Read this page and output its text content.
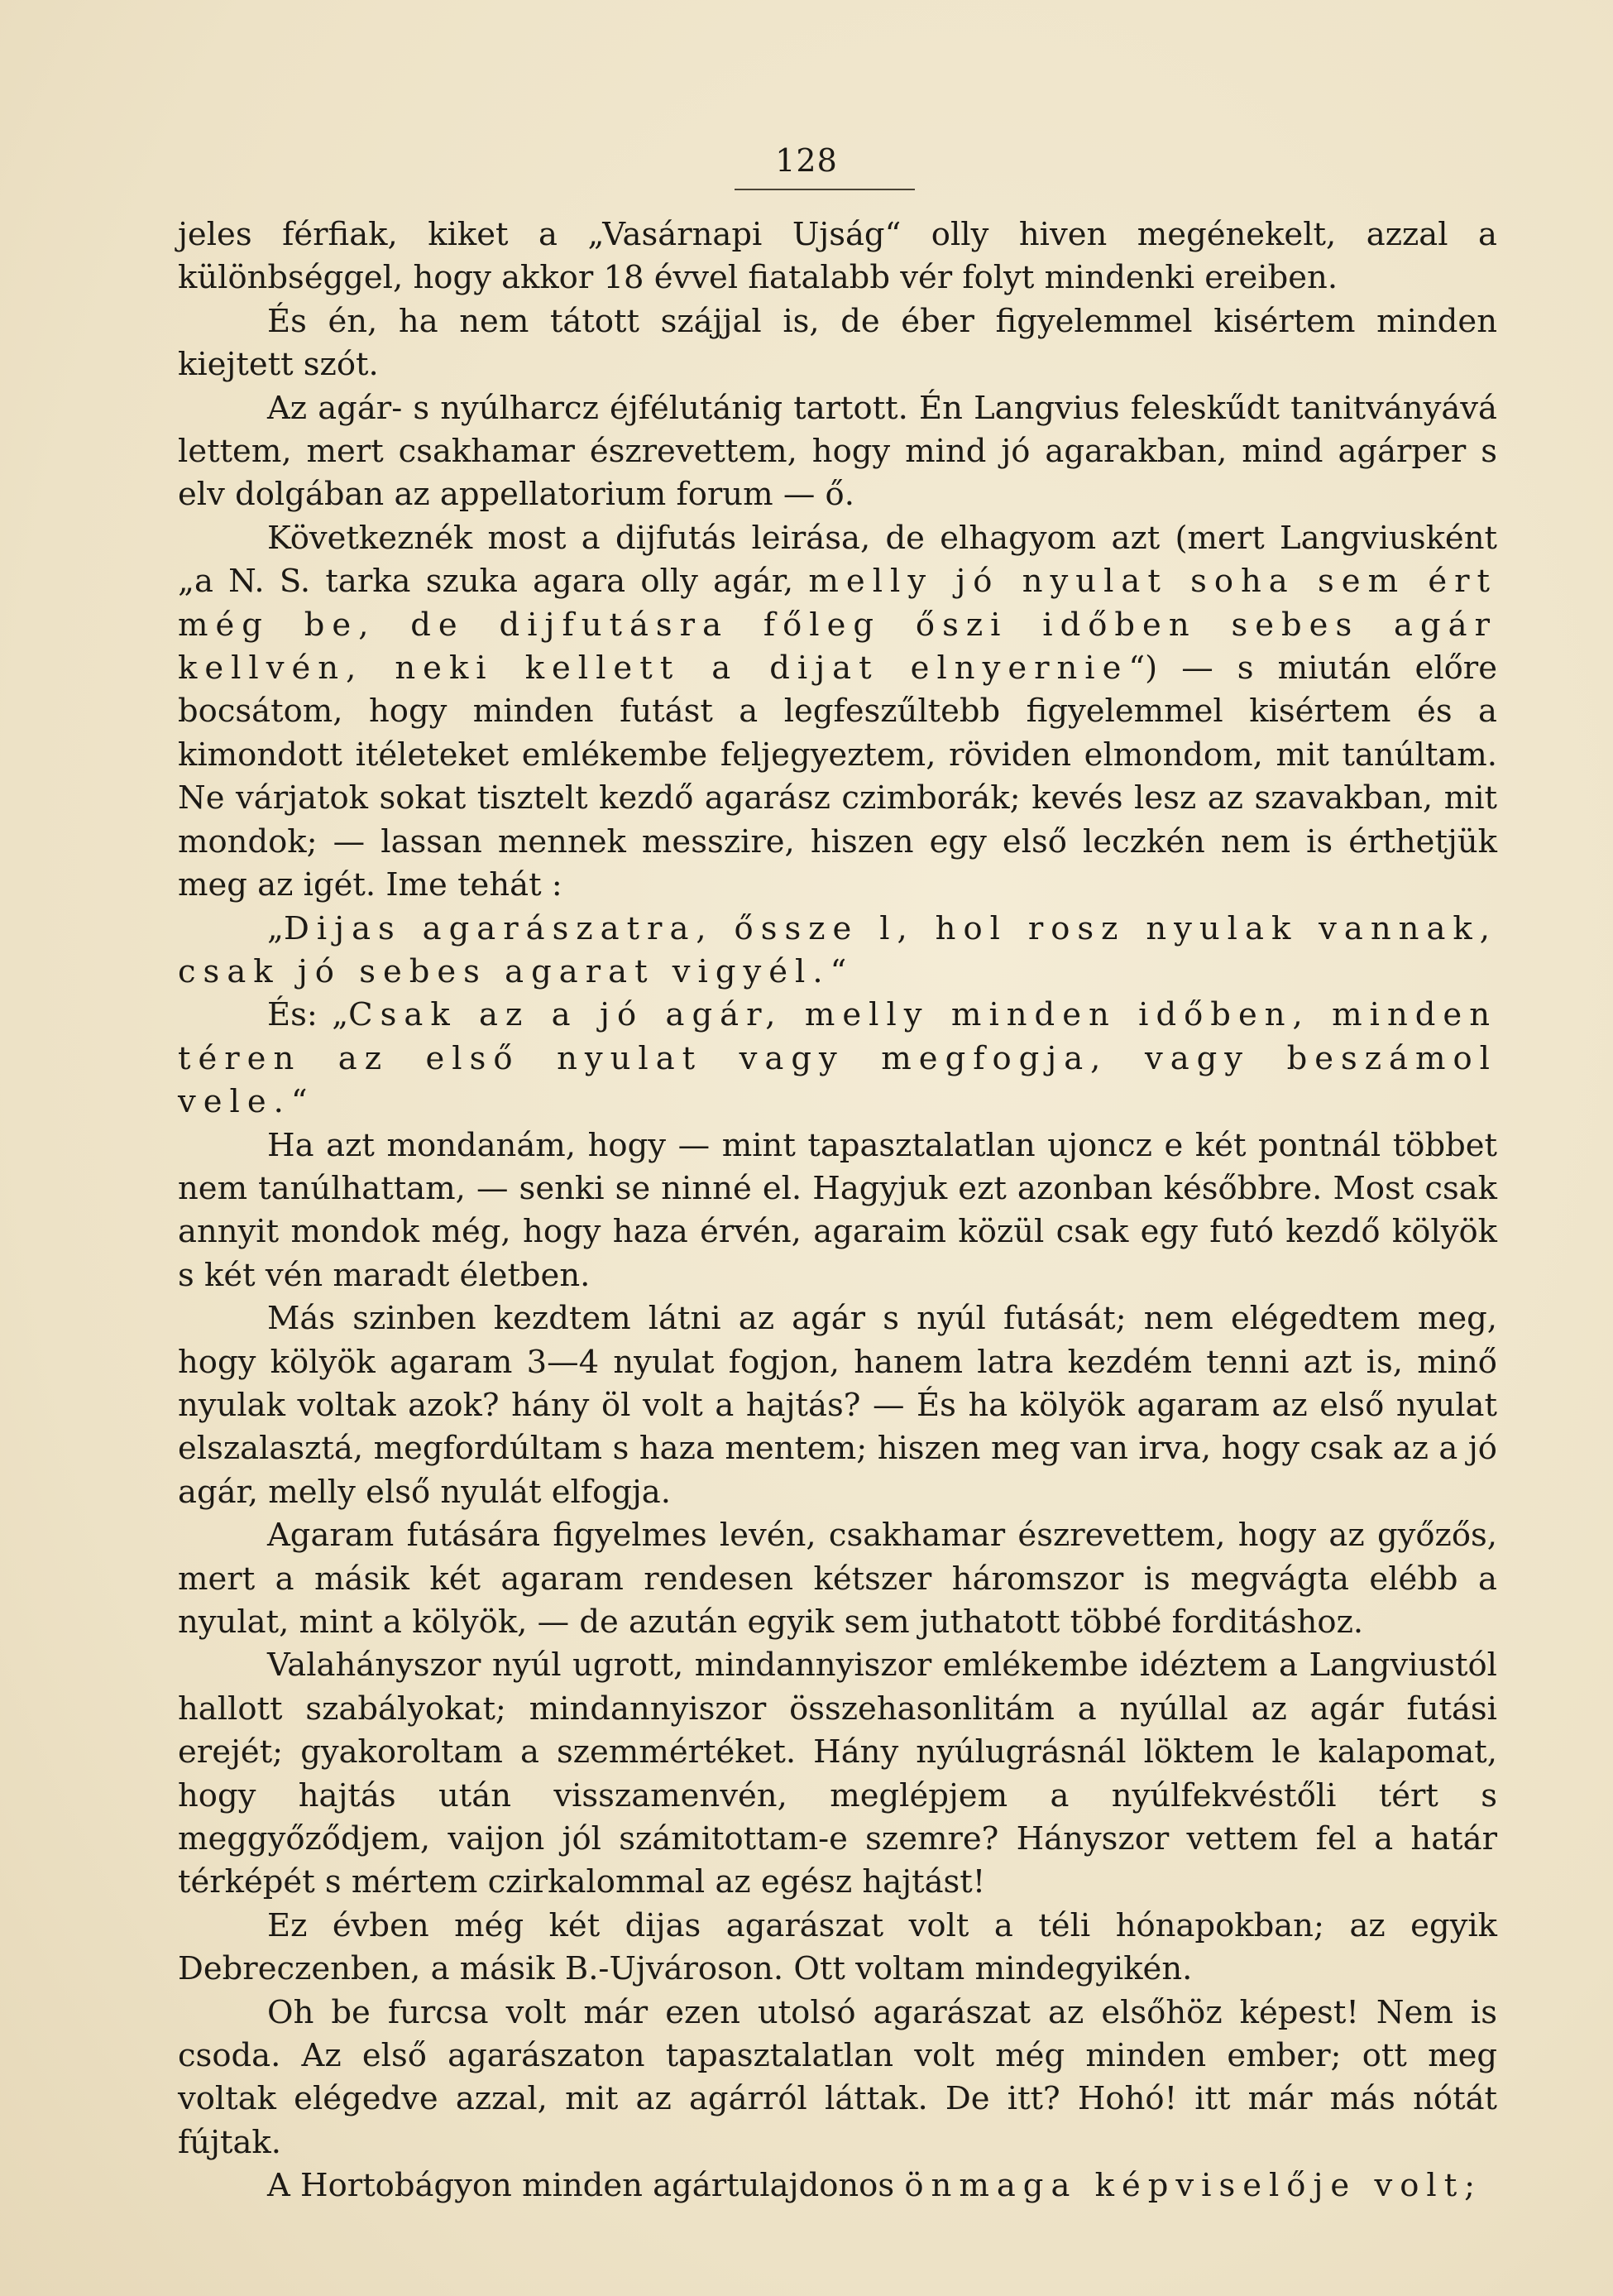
128

jeles férfiak, kiket a „Vasárnapi Ujság“ olly hiven megénekelt, azzal a különbséggel, hogy akkor 18 évvel fiatalabb vér folyt mindenki ereiben.

És én, ha nem tátott szájjal is, de éber figyelemmel kisértem minden kiejtett szót.

Az agár- s nyúlharcz éjfélutánig tartott. Én Langvius feleskűdt tanitványává lettem, mert csakhamar észrevettem, hogy mind jó agarakban, mind agárper s elv dolgában az appellatorium forum — ő.

Következnék most a dijfutás leirása, de elhagyom azt (mert Langviusként „a N. S. tarka szuka agara olly agár, melly jó nyulat soha sem ért még be, de dijfutásra főleg őszi időben sebes agár kellvén, neki kellett a dijat elnyernie“) — s miután előre bocsátom, hogy minden futást a legfeszűltebb figyelemmel kisértem és a kimondott itéleteket emlékembe feljegyeztem, röviden elmondom, mit tanúltam. Ne várjatok sokat tisztelt kezdő agarász czimborák; kevés lesz az szavakban, mit mondok; — lassan mennek messzire, hiszen egy első leczkén nem is érthetjük meg az igét. Ime tehát :

„Dijas agarászatra, őssze l, hol rosz nyulak vannak, csak jó sebes agarat vigyél.“

És: „Csak az a jó agár, melly minden időben, minden téren az első nyulat vagy megfogja, vagy beszámol vele.“

Ha azt mondanám, hogy — mint tapasztalatlan ujoncz e két pontnál többet nem tanúlhattam, — senki se ninné el. Hagyjuk ezt azonban későbbre. Most csak annyit mondok még, hogy haza érvén, agaraim közül csak egy futó kezdő kölyök s két vén maradt életben.

Más szinben kezdtem látni az agár s nyúl futását; nem elégedtem meg, hogy kölyök agaram 3—4 nyulat fogjon, hanem latra kezdém tenni azt is, minő nyulak voltak azok? hány öl volt a hajtás? — És ha kölyök agaram az első nyulat elszalasztá, megfordúltam s haza mentem; hiszen meg van irva, hogy csak az a jó agár, melly első nyulát elfogja.

Agaram futására figyelmes levén, csakhamar észrevettem, hogy az győzős, mert a másik két agaram rendesen kétszer háromszor is megvágta elébb a nyulat, mint a kölyök, — de azután egyik sem juthatott többé forditáshoz.

Valahányszor nyúl ugrott, mindannyiszor emlékembe idéztem a Langviustól hallott szabályokat; mindannyiszor összehasonlitám a nyúllal az agár futási erejét; gyakoroltam a szemmértéket. Hány nyúlugrásnál löktem le kalapomat, hogy hajtás után visszamenvén, meglépjem a nyúlfekvéstőli tért s meggyőződjem, vaijon jól számitottam-e szemre? Hányszor vettem fel a határ térképét s mértem czirkalommal az egész hajtást!

Ez évben még két dijas agarászat volt a téli hónapokban; az egyik Debreczenben, a másik B.-Ujvároson. Ott voltam mindegyikén.

Oh be furcsa volt már ezen utolsó agarászat az elsőhöz képest! Nem is csoda. Az első agarászaton tapasztalatlan volt még minden ember; ott meg voltak elégedve azzal, mit az agárról láttak. De itt? Hohó! itt már más nótát fújtak.

A Hortobágyon minden agártulajdonos önmaga képviselője volt;
